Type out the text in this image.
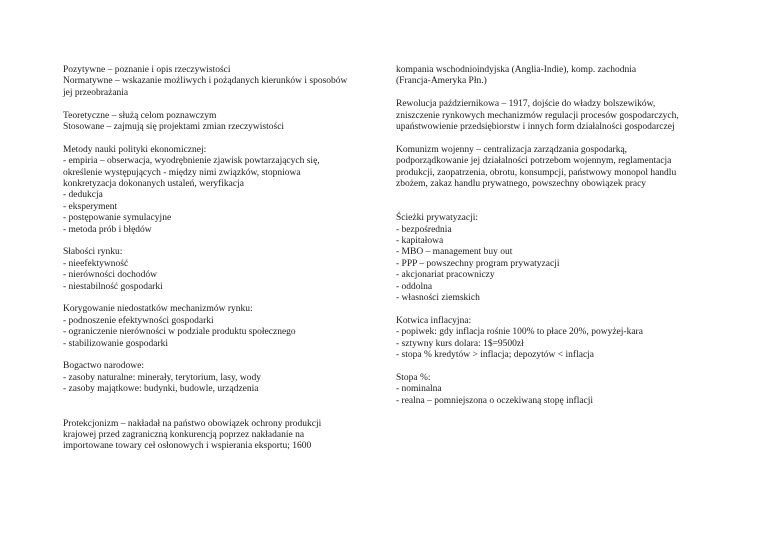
Pozytywne – poznanie i opis rzeczywistości
Normatywne – wskazanie możliwych i pożądanych kierunków i sposobów
jej przeobrażania
Teoretyczne – służą celom poznawczym
Stosowane – zajmują się projektami zmian rzeczywistości
Metody nauki polityki ekonomicznej:
- empiria – obserwacja, wyodrębnienie zjawisk powtarzających się,
określenie występujących - między nimi związków, stopniowa
konkretyzacja dokonanych ustaleń, weryfikacja
- dedukcja
- eksperyment
- postępowanie symulacyjne
- metoda prób i błędów
Słabości rynku:
- nieefektywność
- nierówności dochodów
- niestabilność gospodarki
Korygowanie niedostatków mechanizmów rynku:
- podnoszenie efektywności gospodarki
- ograniczenie nierówności w podziale produktu społecznego
- stabilizowanie gospodarki
Bogactwo narodowe:
- zasoby naturalne: minerały, terytorium, lasy, wody
- zasoby majątkowe: budynki, budowle, urządzenia
Protekcjonizm – nakładał na państwo obowiązek ochrony produkcji
krajowej przed zagraniczną konkurencją poprzez nakładanie na
importowane towary ceł osłonowych i wspierania eksportu; 1600
kompania wschodnioindyjska (Anglia-Indie), komp. zachodnia
(Francja-Ameryka Płn.)
Rewolucja październikowa – 1917, dojście do władzy bolszewików,
zniszczenie rynkowych mechanizmów regulacji procesów gospodarczych,
upaństwowienie przedsiębiorstw i innych form działalności gospodarczej
Komunizm wojenny – centralizacja zarządzania gospodarką,
podporządkowanie jej działalności potrzebom wojennym, reglamentacja
produkcji, zaopatrzenia, obrotu, konsumpcji, państwowy monopol handlu
zbożem, zakaz handlu prywatnego, powszechny obowiązek pracy
Ścieżki prywatyzacji:
- bezpośrednia
- kapitałowa
- MBO – management buy out
- PPP – powszechny program prywatyzacji
- akcjonariat pracowniczy
- oddolna
- własności ziemskich
Kotwica inflacyjna:
- popiwek: gdy inflacja rośnie 100% to płace 20%, powyżej-kara
- sztywny kurs dolara: 1$=9500zł
- stopa % kredytów > inflacja; depozytów < inflacja
Stopa %:
- nominalna
- realna – pomniejszona o oczekiwaną stopę inflacji
